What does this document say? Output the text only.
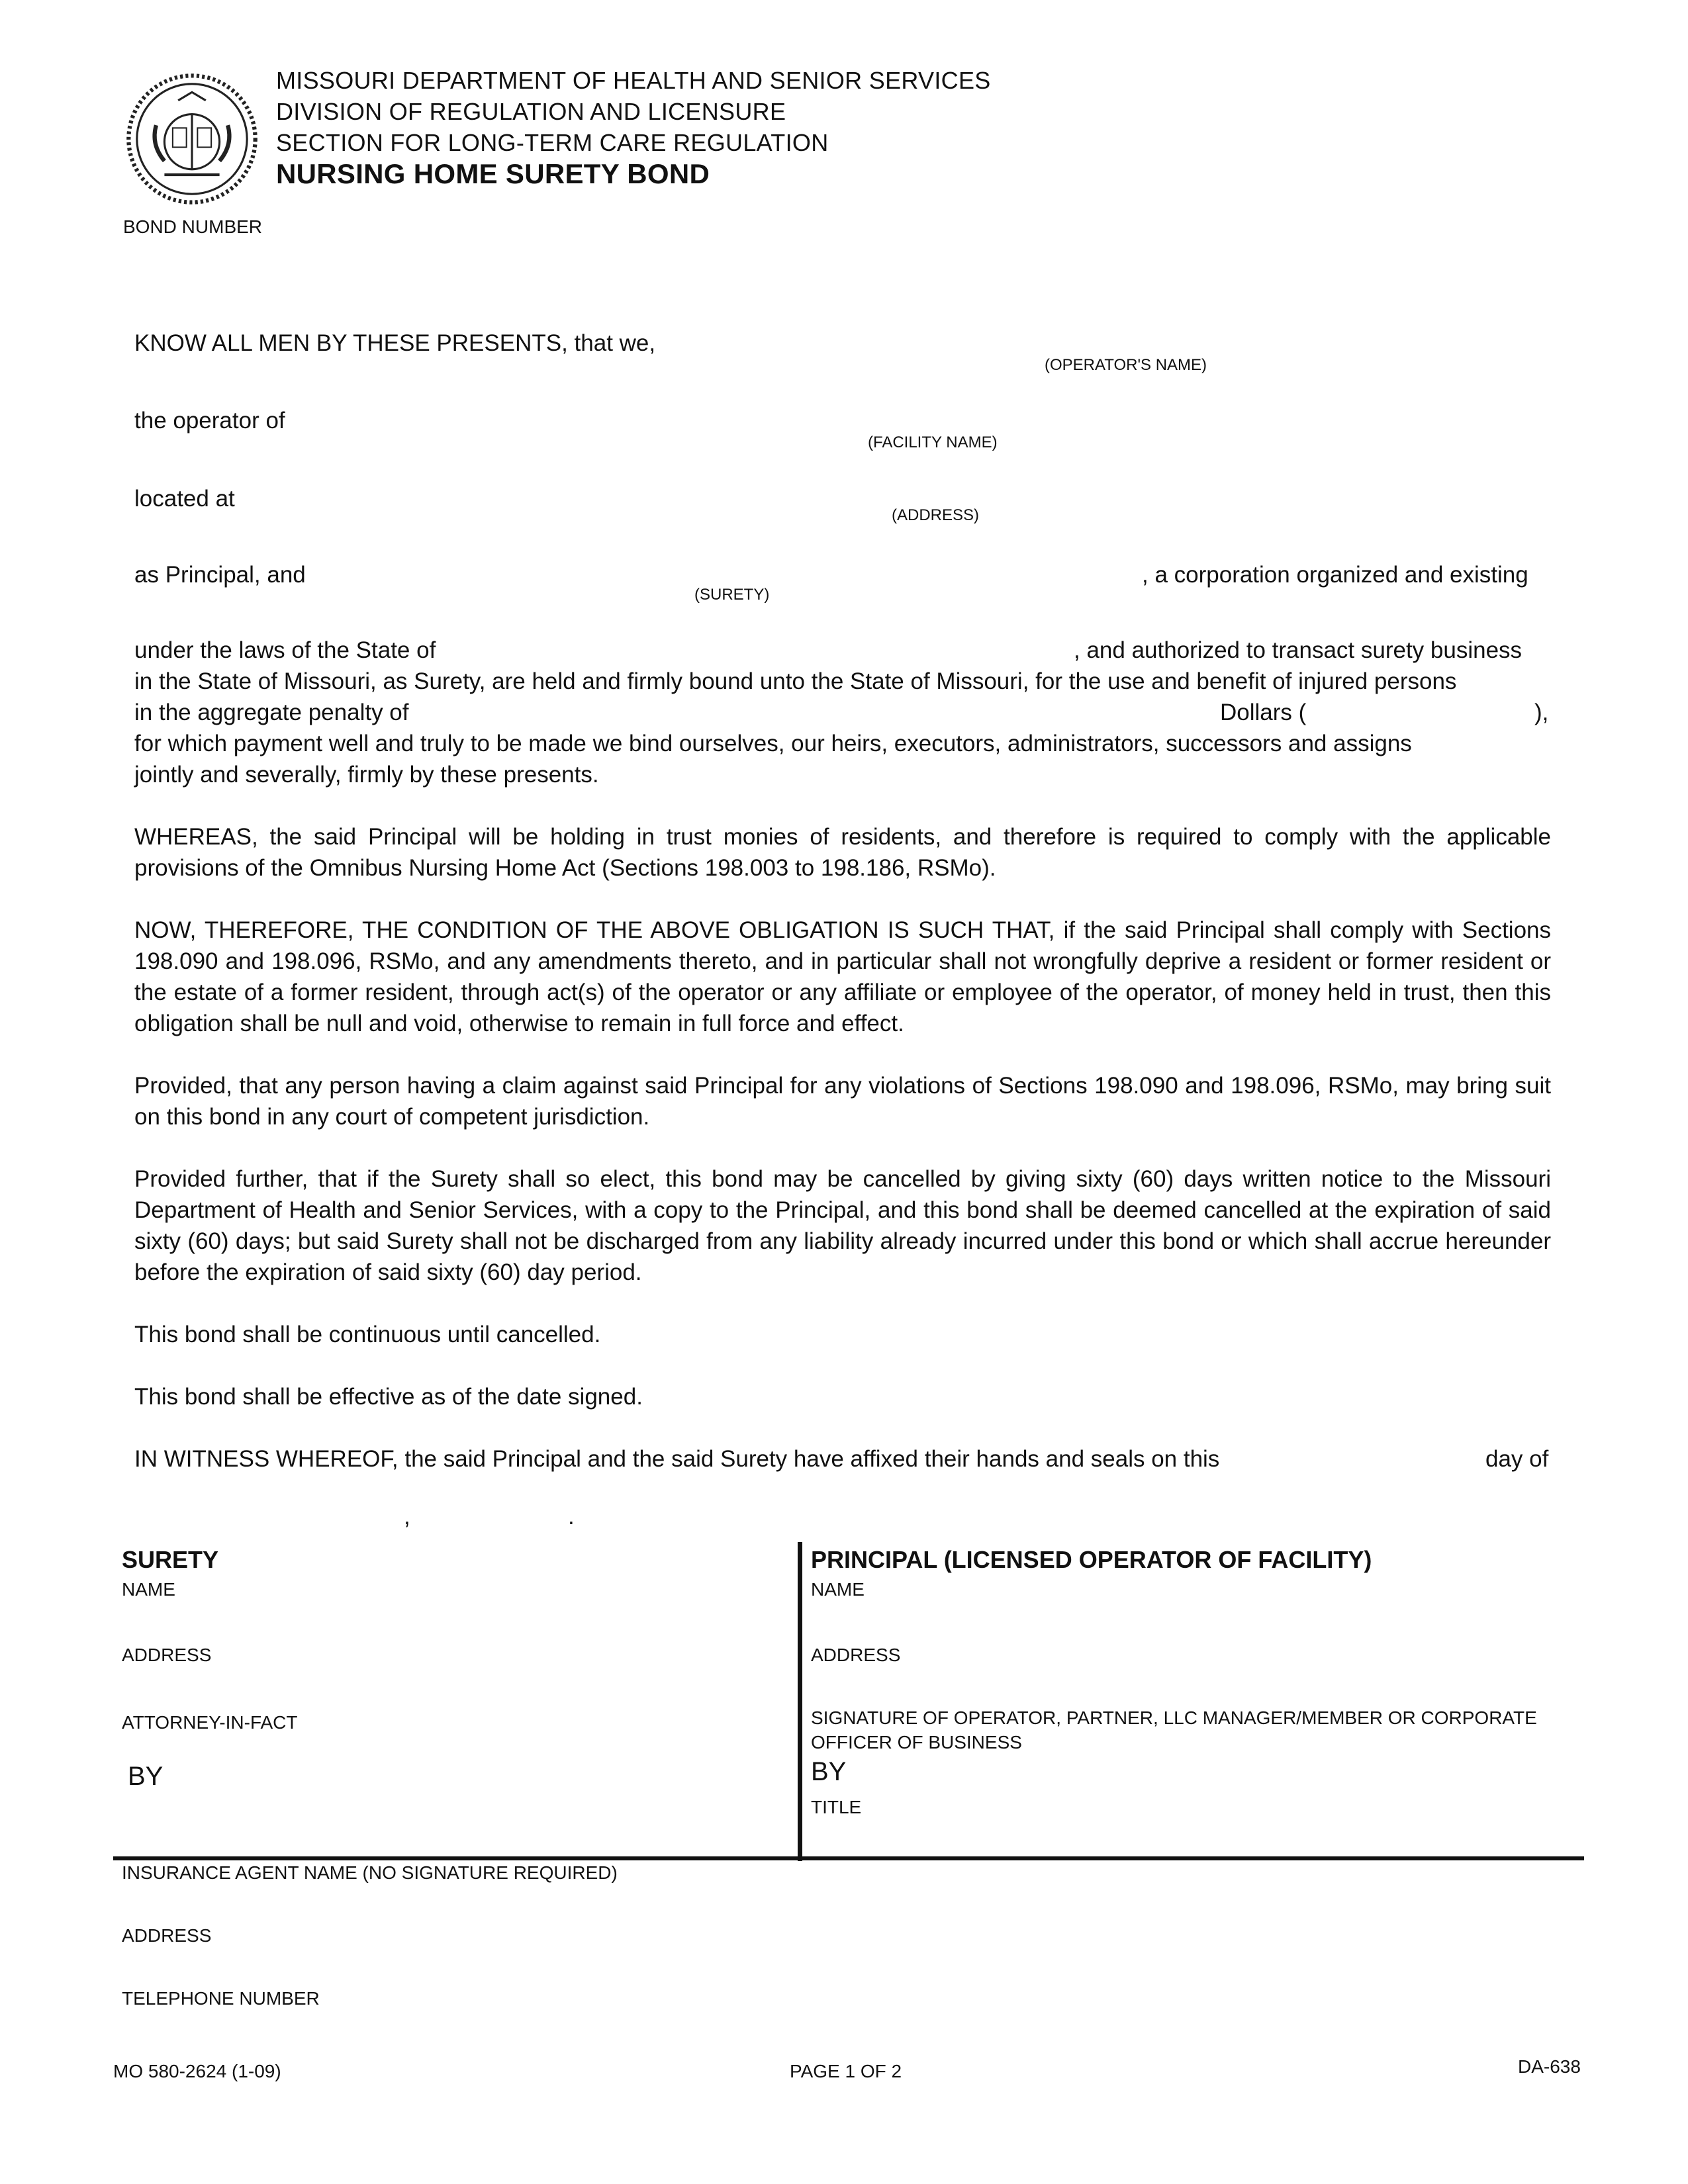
MISSOURI DEPARTMENT OF HEALTH AND SENIOR SERVICES
DIVISION OF REGULATION AND LICENSURE
SECTION FOR LONG-TERM CARE REGULATION
NURSING HOME SURETY BOND
BOND NUMBER
KNOW ALL MEN BY THESE PRESENTS, that we,
(OPERATOR'S NAME)
the operator of
(FACILITY NAME)
located at
(ADDRESS)
as Principal, and	, a corporation organized and existing
(SURETY)
under the laws of the State of	, and authorized to transact surety business
in the State of Missouri, as Surety, are held and firmly bound unto the State of Missouri, for the use and benefit of injured persons
in the aggregate penalty of	Dollars (	),
for which payment well and truly to be made we bind ourselves, our heirs, executors, administrators, successors and assigns
jointly and severally, firmly by these presents.
WHEREAS, the said Principal will be holding in trust monies of residents, and therefore is required to comply with the applicable provisions of the Omnibus Nursing Home Act (Sections 198.003 to 198.186, RSMo).
NOW, THEREFORE, THE CONDITION OF THE ABOVE OBLIGATION IS SUCH THAT, if the said Principal shall comply with Sections 198.090 and 198.096, RSMo, and any amendments thereto, and in particular shall not wrongfully deprive a resident or former resident or the estate of a former resident, through act(s) of the operator or any affiliate or employee of the operator, of money held in trust, then this obligation shall be null and void, otherwise to remain in full force and effect.
Provided, that any person having a claim against said Principal for any violations of Sections 198.090 and 198.096, RSMo, may bring suit on this bond in any court of competent jurisdiction.
Provided further, that if the Surety shall so elect, this bond may be cancelled by giving sixty (60) days written notice to the Missouri Department of Health and Senior Services, with a copy to the Principal, and this bond shall be deemed cancelled at the expiration of said sixty (60) days; but said Surety shall not be discharged from any liability already incurred under this bond or which shall accrue hereunder before the expiration of said sixty (60) day period.
This bond shall be continuous until cancelled.
This bond shall be effective as of the date signed.
IN WITNESS WHEREOF, the said Principal and the said Surety have affixed their hands and seals on this	day of
,	.
SURETY
NAME
ADDRESS
ATTORNEY-IN-FACT
BY
PRINCIPAL (LICENSED OPERATOR OF FACILITY)
NAME
ADDRESS
SIGNATURE OF OPERATOR, PARTNER, LLC MANAGER/MEMBER OR CORPORATE
OFFICER OF BUSINESS
BY
TITLE
INSURANCE AGENT NAME (NO SIGNATURE REQUIRED)
ADDRESS
TELEPHONE NUMBER
MO 580-2624 (1-09)	PAGE 1 OF 2	DA-638
